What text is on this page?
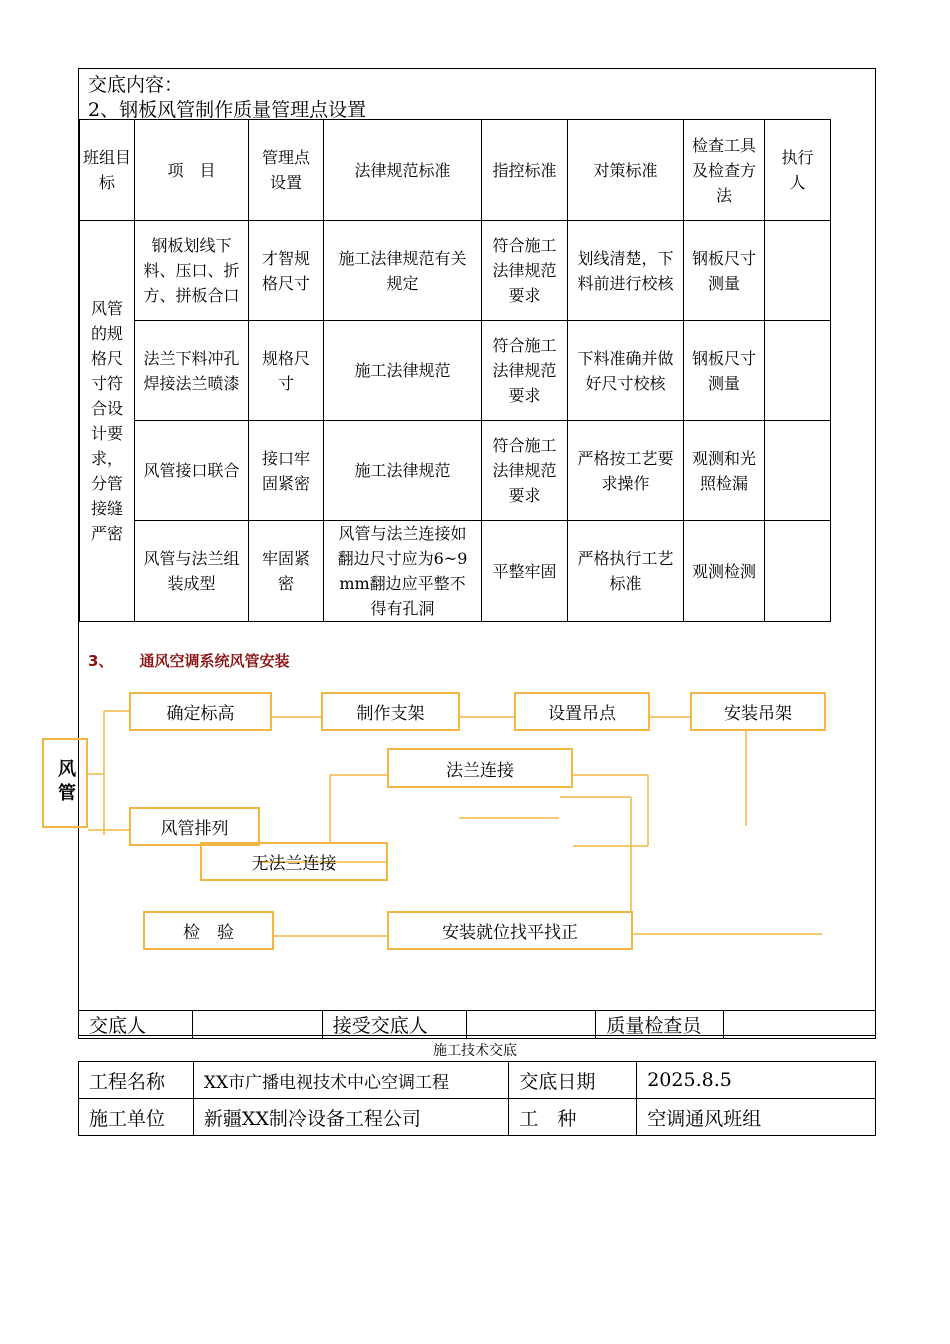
交底内容：
2、钢板风管制作质量管理点设置
班组目标	项　目	管理点设置	法律规范标准	指控标准	对策标准	检查工具及检查方法	执行人
风管的规格尺寸符合设计要求，分管接缝严密	钢板划线下料、压口、折方、拼板合口	才智规格尺寸	施工法律规范有关规定	符合施工法律规范要求	划线清楚，下料前进行校核	钢板尺寸测量	
	法兰下料冲孔焊接法兰喷漆	规格尺寸	施工法律规范	符合施工法律规范要求	下料准确并做好尺寸校核	钢板尺寸测量	
	风管接口联合	接口牢固紧密	施工法律规范	符合施工法律规范要求	严格按工艺要求操作	观测和光照检漏	
	风管与法兰组装成型	牢固紧密	风管与法兰连接如翻边尺寸应为6~9mm翻边应平整不得有孔洞	平整牢固	严格执行工艺标准	观测检测	
3、 通风空调系统风管安装
风管
确定标高	制作支架	设置吊点	安装吊架
法兰连接
风管排列
无法兰连接
检　验	安装就位找平找正
交底人		接受交底人		质量检查员	
施工技术交底
工程名称	XX市广播电视技术中心空调工程	交底日期	2025.8.5
施工单位	新疆XX制冷设备工程公司	工　种	空调通风班组
